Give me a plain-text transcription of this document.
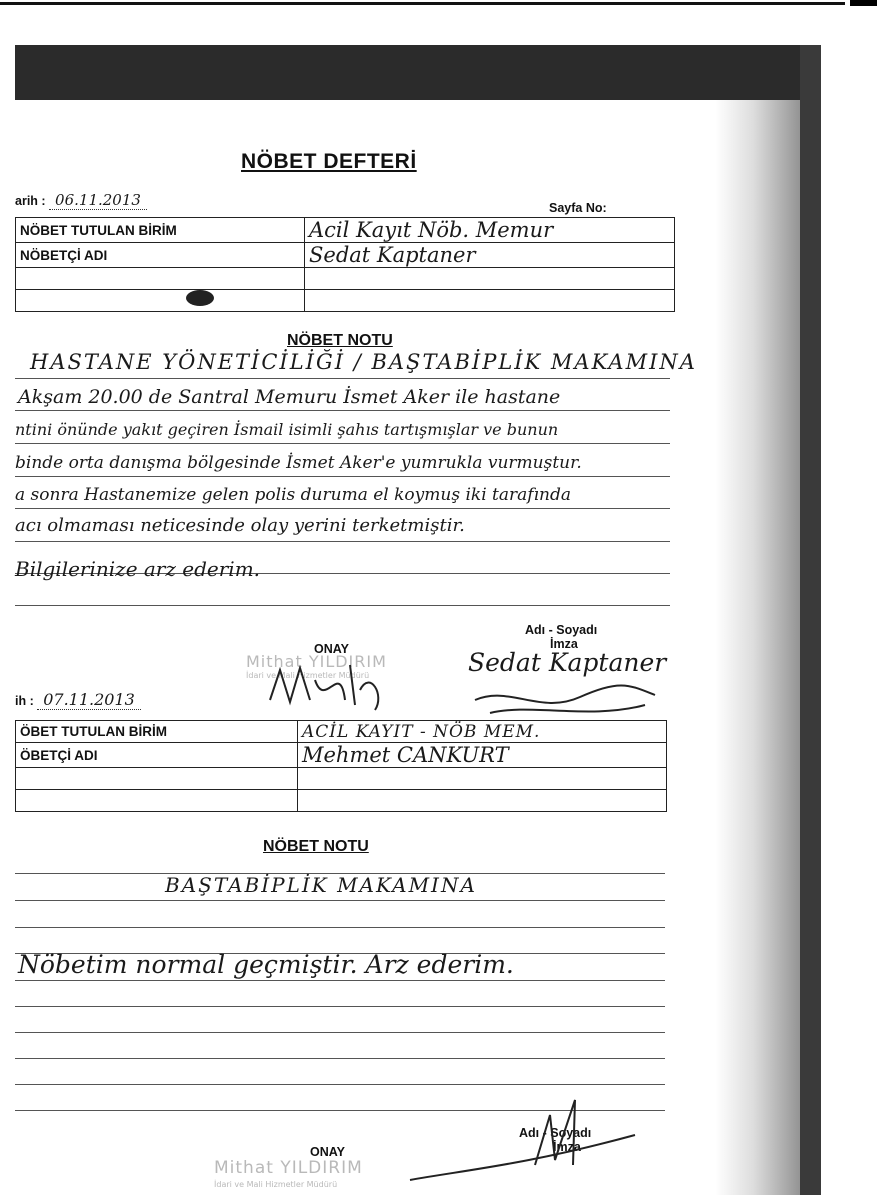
NÖBET DEFTERİ
arih : 06.11.2013	Sayfa No:
NÖBET TUTULAN BİRİM	Acil Kayıt Nöb. Memur
NÖBETÇİ ADI	Sedat Kaptaner

NÖBET NOTU
HASTANE YÖNETİCİLİĞİ / BAŞTABİPLİK MAKAMINA
Akşam 20.00 de Santral Memuru İsmet Aker ile hastane
ntini önünde yakıt geçiren İsmail isimli şahıs tartışmışlar ve bunun
binde orta danışma bölgesinde İsmet Aker'e yumrukla vurmuştur.
a sonra Hastanemize gelen polis duruma el koymuş iki tarafında
acı olmaması neticesinde olay yerini terketmiştir.
Bilgilerinize arz ederim.
Adı - Soyadı
İmza
Sedat Kaptaner
ONAY
Mithat YILDIRIM
İdari ve Mali Hizmetler Müdürü
ih : 07.11.2013
ÖBET TUTULAN BİRİM	ACİL KAYIT - NÖB MEM.
ÖBETÇİ ADI	Mehmet CANKURT

NÖBET NOTU
BAŞTABİPLİK MAKAMINA
Nöbetim normal geçmiştir. Arz ederim.
Adı - Soyadı
İmza
ONAY
Mithat YILDIRIM
İdari ve Mali Hizmetler Müdürü
